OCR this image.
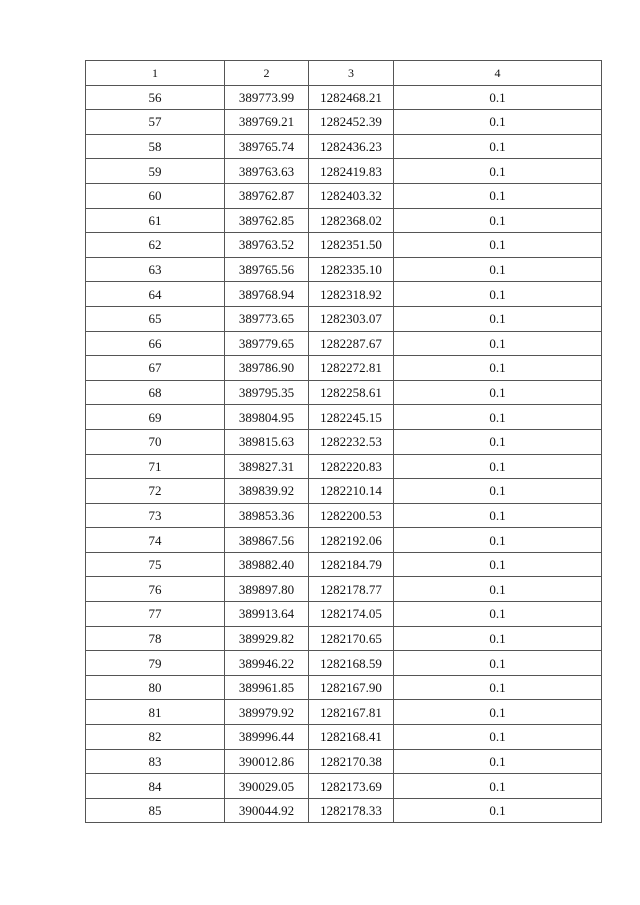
1	2	3	4
56	389773.99	1282468.21	0.1
57	389769.21	1282452.39	0.1
58	389765.74	1282436.23	0.1
59	389763.63	1282419.83	0.1
60	389762.87	1282403.32	0.1
61	389762.85	1282368.02	0.1
62	389763.52	1282351.50	0.1
63	389765.56	1282335.10	0.1
64	389768.94	1282318.92	0.1
65	389773.65	1282303.07	0.1
66	389779.65	1282287.67	0.1
67	389786.90	1282272.81	0.1
68	389795.35	1282258.61	0.1
69	389804.95	1282245.15	0.1
70	389815.63	1282232.53	0.1
71	389827.31	1282220.83	0.1
72	389839.92	1282210.14	0.1
73	389853.36	1282200.53	0.1
74	389867.56	1282192.06	0.1
75	389882.40	1282184.79	0.1
76	389897.80	1282178.77	0.1
77	389913.64	1282174.05	0.1
78	389929.82	1282170.65	0.1
79	389946.22	1282168.59	0.1
80	389961.85	1282167.90	0.1
81	389979.92	1282167.81	0.1
82	389996.44	1282168.41	0.1
83	390012.86	1282170.38	0.1
84	390029.05	1282173.69	0.1
85	390044.92	1282178.33	0.1
